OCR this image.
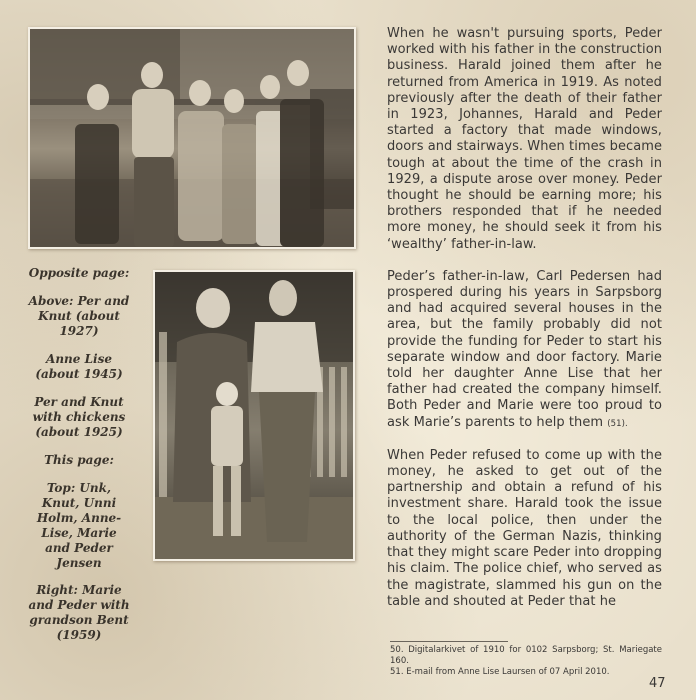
Opposite page:
Above: Per and
Knut (about
1927)
Anne Lise
(about 1945)
Per and Knut
with chickens
(about 1925)
This page:
Top: Unk,
Knut, Unni
Holm, Anne-
Lise, Marie
and Peder
Jensen
Right: Marie
and Peder with
grandson Bent
(1959)

When he wasn't pursuing sports, Peder worked with his father in the construction business. Harald joined them after he returned from America in 1919. As noted previously after the death of their father in 1923, Johannes, Harald and Peder started a factory that made windows, doors and stairways. When times became tough at about the time of the crash in 1929, a dispute arose over money. Peder thought he should be earning more; his brothers responded that if he needed more money, he should seek it from his ‘wealthy’ father-in-law.

Peder’s father-in-law, Carl Pedersen had prospered during his years in Sarpsborg and had acquired several houses in the area, but the family probably did not provide the funding for Peder to start his separate window and door factory. Marie told her daughter Anne Lise that her father had created the company himself. Both Peder and Marie were too proud to ask Marie’s parents to help them (51).

When Peder refused to come up with the money, he asked to get out of the partnership and obtain a refund of his investment share. Harald took the issue to the local police, then under the authority of the German Nazis, thinking that they might scare Peder into dropping his claim. The police chief, who served as the magistrate, slammed his gun on the table and shouted at Peder that he

50. Digitalarkivet of 1910 for 0102 Sarpsborg; St. Mariegate 160.

51. E-mail from Anne Lise Laursen of 07 April 2010.

47
